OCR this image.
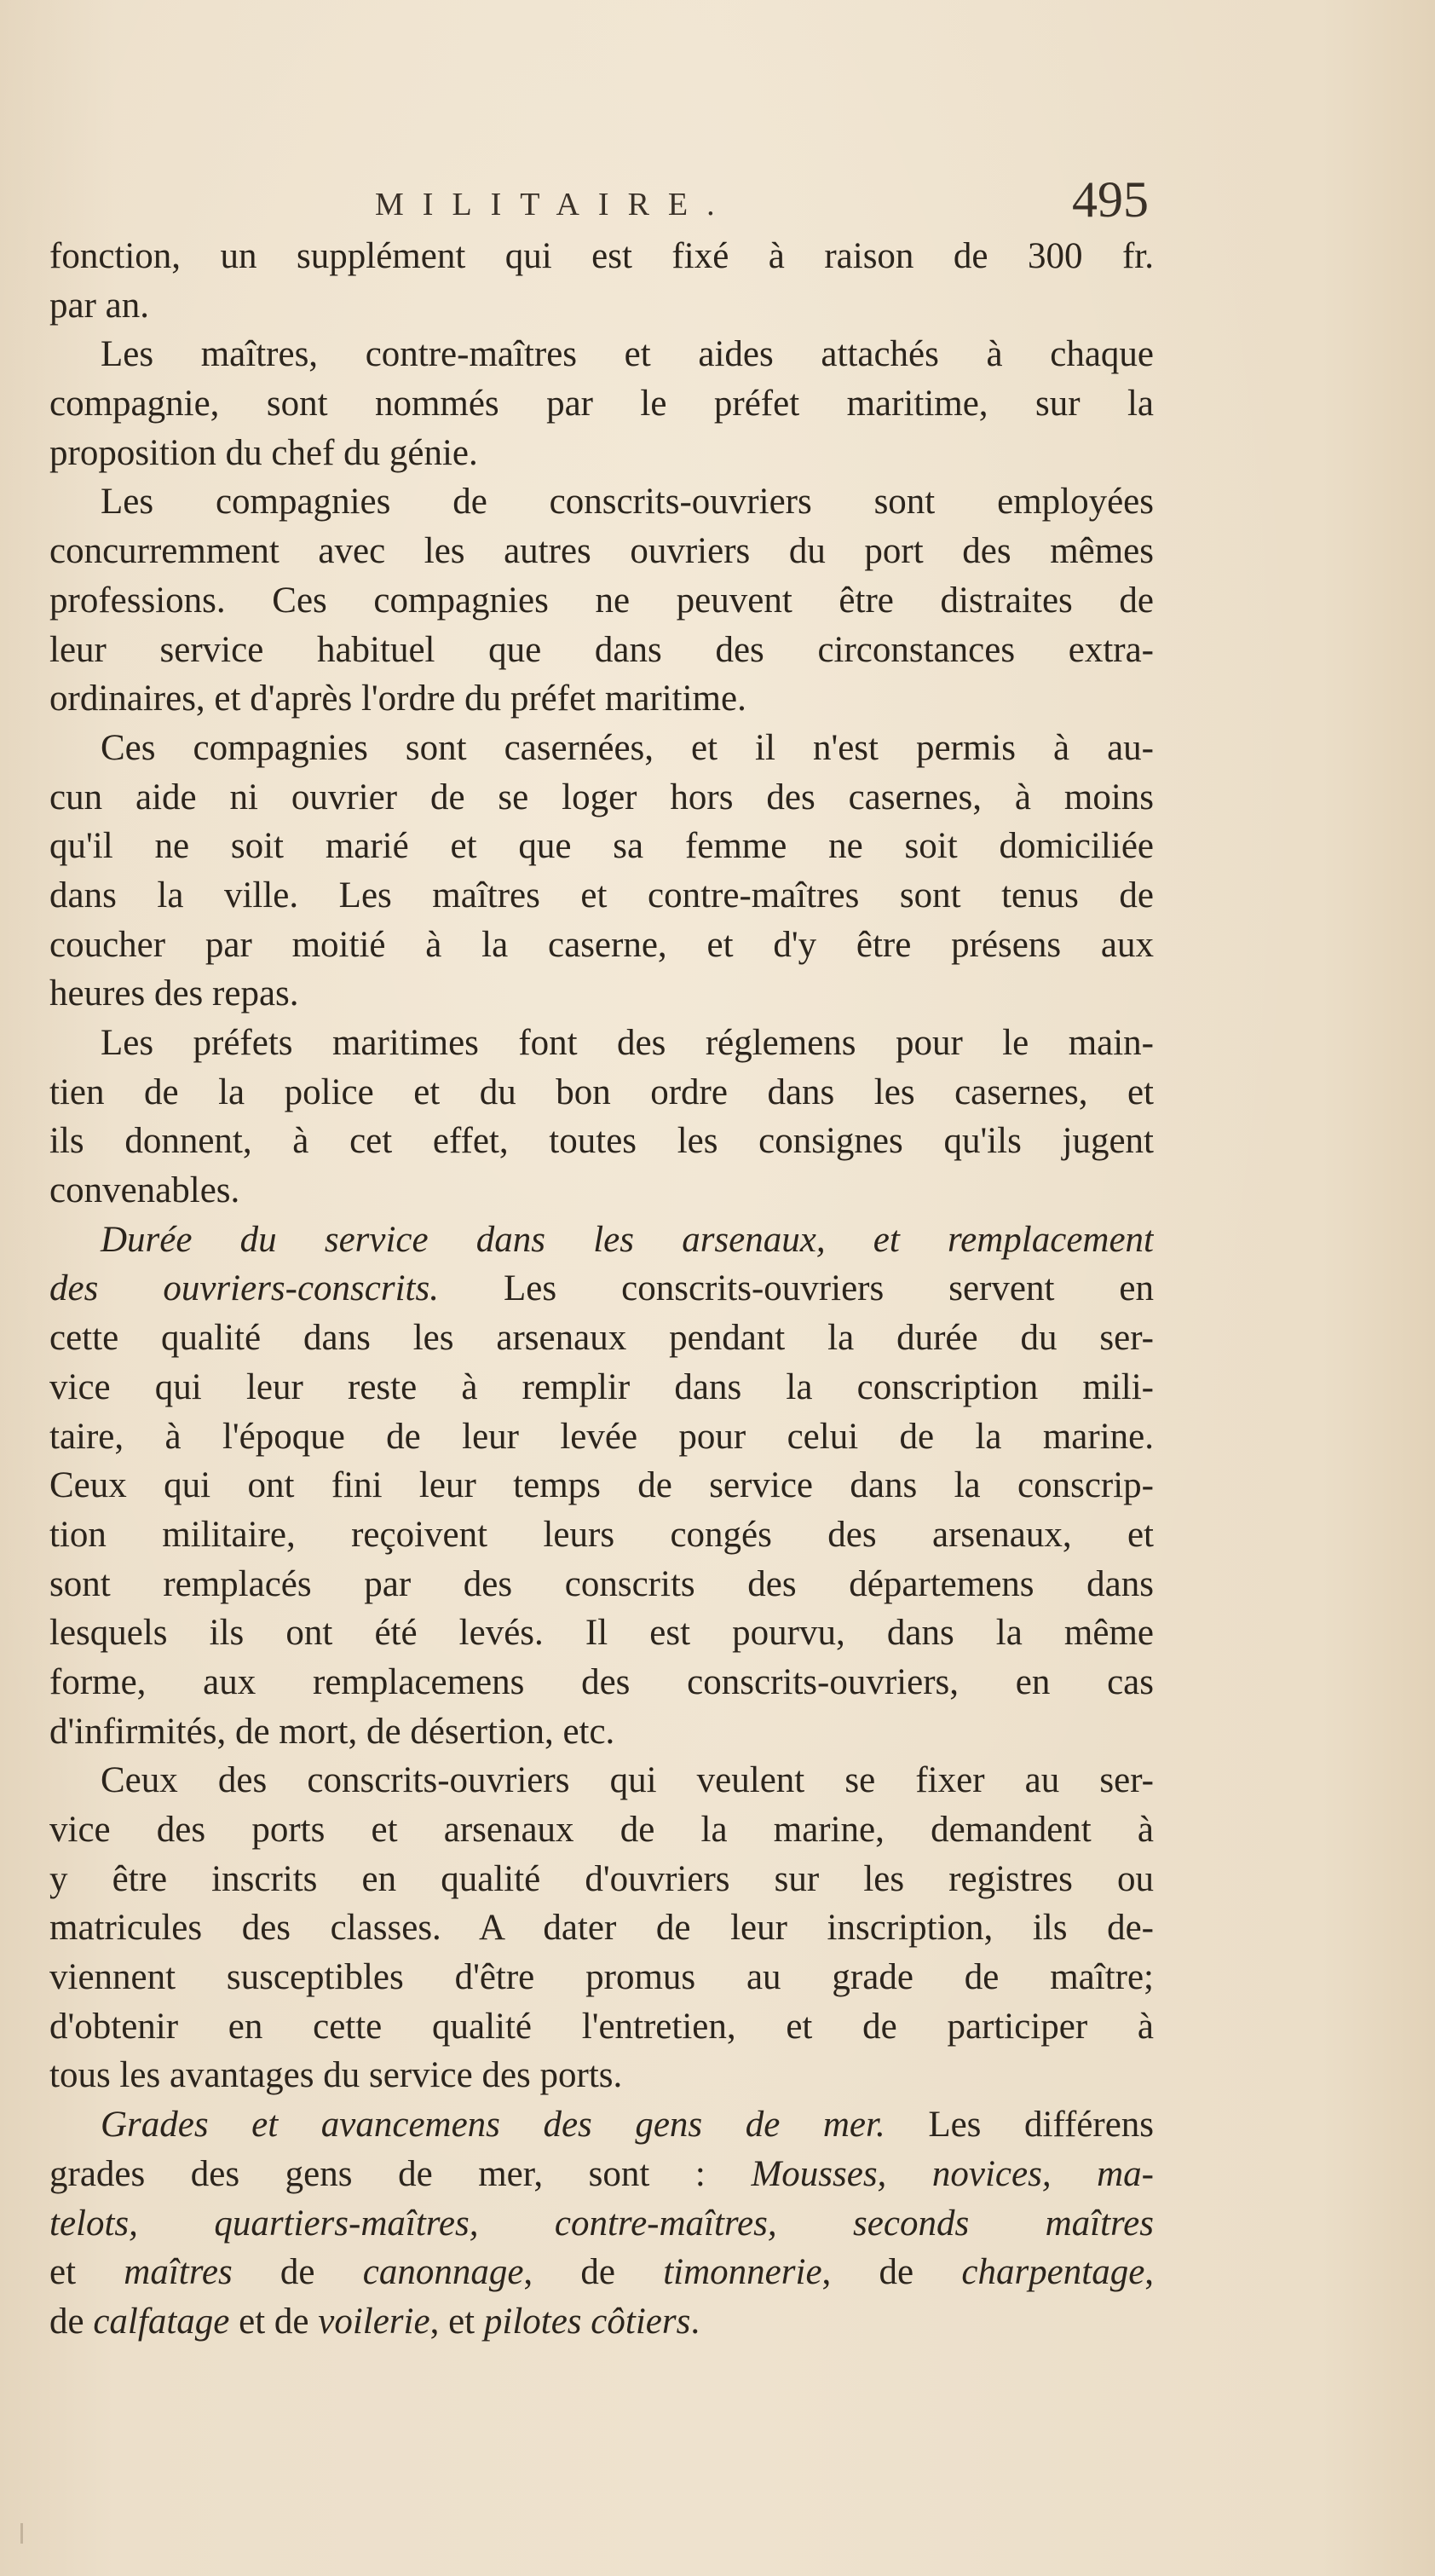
MILITAIRE.	495
fonction, un supplément qui est fixé à raison de 300 fr.
par an.
Les maîtres, contre-maîtres et aides attachés à chaque
compagnie, sont nommés par le préfet maritime, sur la
proposition du chef du génie.
Les compagnies de conscrits-ouvriers sont employées
concurremment avec les autres ouvriers du port des mêmes
professions. Ces compagnies ne peuvent être distraites de
leur service habituel que dans des circonstances extra-
ordinaires, et d'après l'ordre du préfet maritime.
Ces compagnies sont casernées, et il n'est permis à au-
cun aide ni ouvrier de se loger hors des casernes, à moins
qu'il ne soit marié et que sa femme ne soit domiciliée
dans la ville. Les maîtres et contre-maîtres sont tenus de
coucher par moitié à la caserne, et d'y être présens aux
heures des repas.
Les préfets maritimes font des réglemens pour le main-
tien de la police et du bon ordre dans les casernes, et
ils donnent, à cet effet, toutes les consignes qu'ils jugent
convenables.
Durée du service dans les arsenaux, et remplacement
des ouvriers-conscrits. Les conscrits-ouvriers servent en
cette qualité dans les arsenaux pendant la durée du ser-
vice qui leur reste à remplir dans la conscription mili-
taire, à l'époque de leur levée pour celui de la marine.
Ceux qui ont fini leur temps de service dans la conscrip-
tion militaire, reçoivent leurs congés des arsenaux, et
sont remplacés par des conscrits des départemens dans
lesquels ils ont été levés. Il est pourvu, dans la même
forme, aux remplacemens des conscrits-ouvriers, en cas
d'infirmités, de mort, de désertion, etc.
Ceux des conscrits-ouvriers qui veulent se fixer au ser-
vice des ports et arsenaux de la marine, demandent à
y être inscrits en qualité d'ouvriers sur les registres ou
matricules des classes. A dater de leur inscription, ils de-
viennent susceptibles d'être promus au grade de maître;
d'obtenir en cette qualité l'entretien, et de participer à
tous les avantages du service des ports.
Grades et avancemens des gens de mer. Les différens
grades des gens de mer, sont : Mousses, novices, ma-
telots, quartiers-maîtres, contre-maîtres, seconds maîtres
et maîtres de canonnage, de timonnerie, de charpentage,
de calfatage et de voilerie, et pilotes côtiers.
